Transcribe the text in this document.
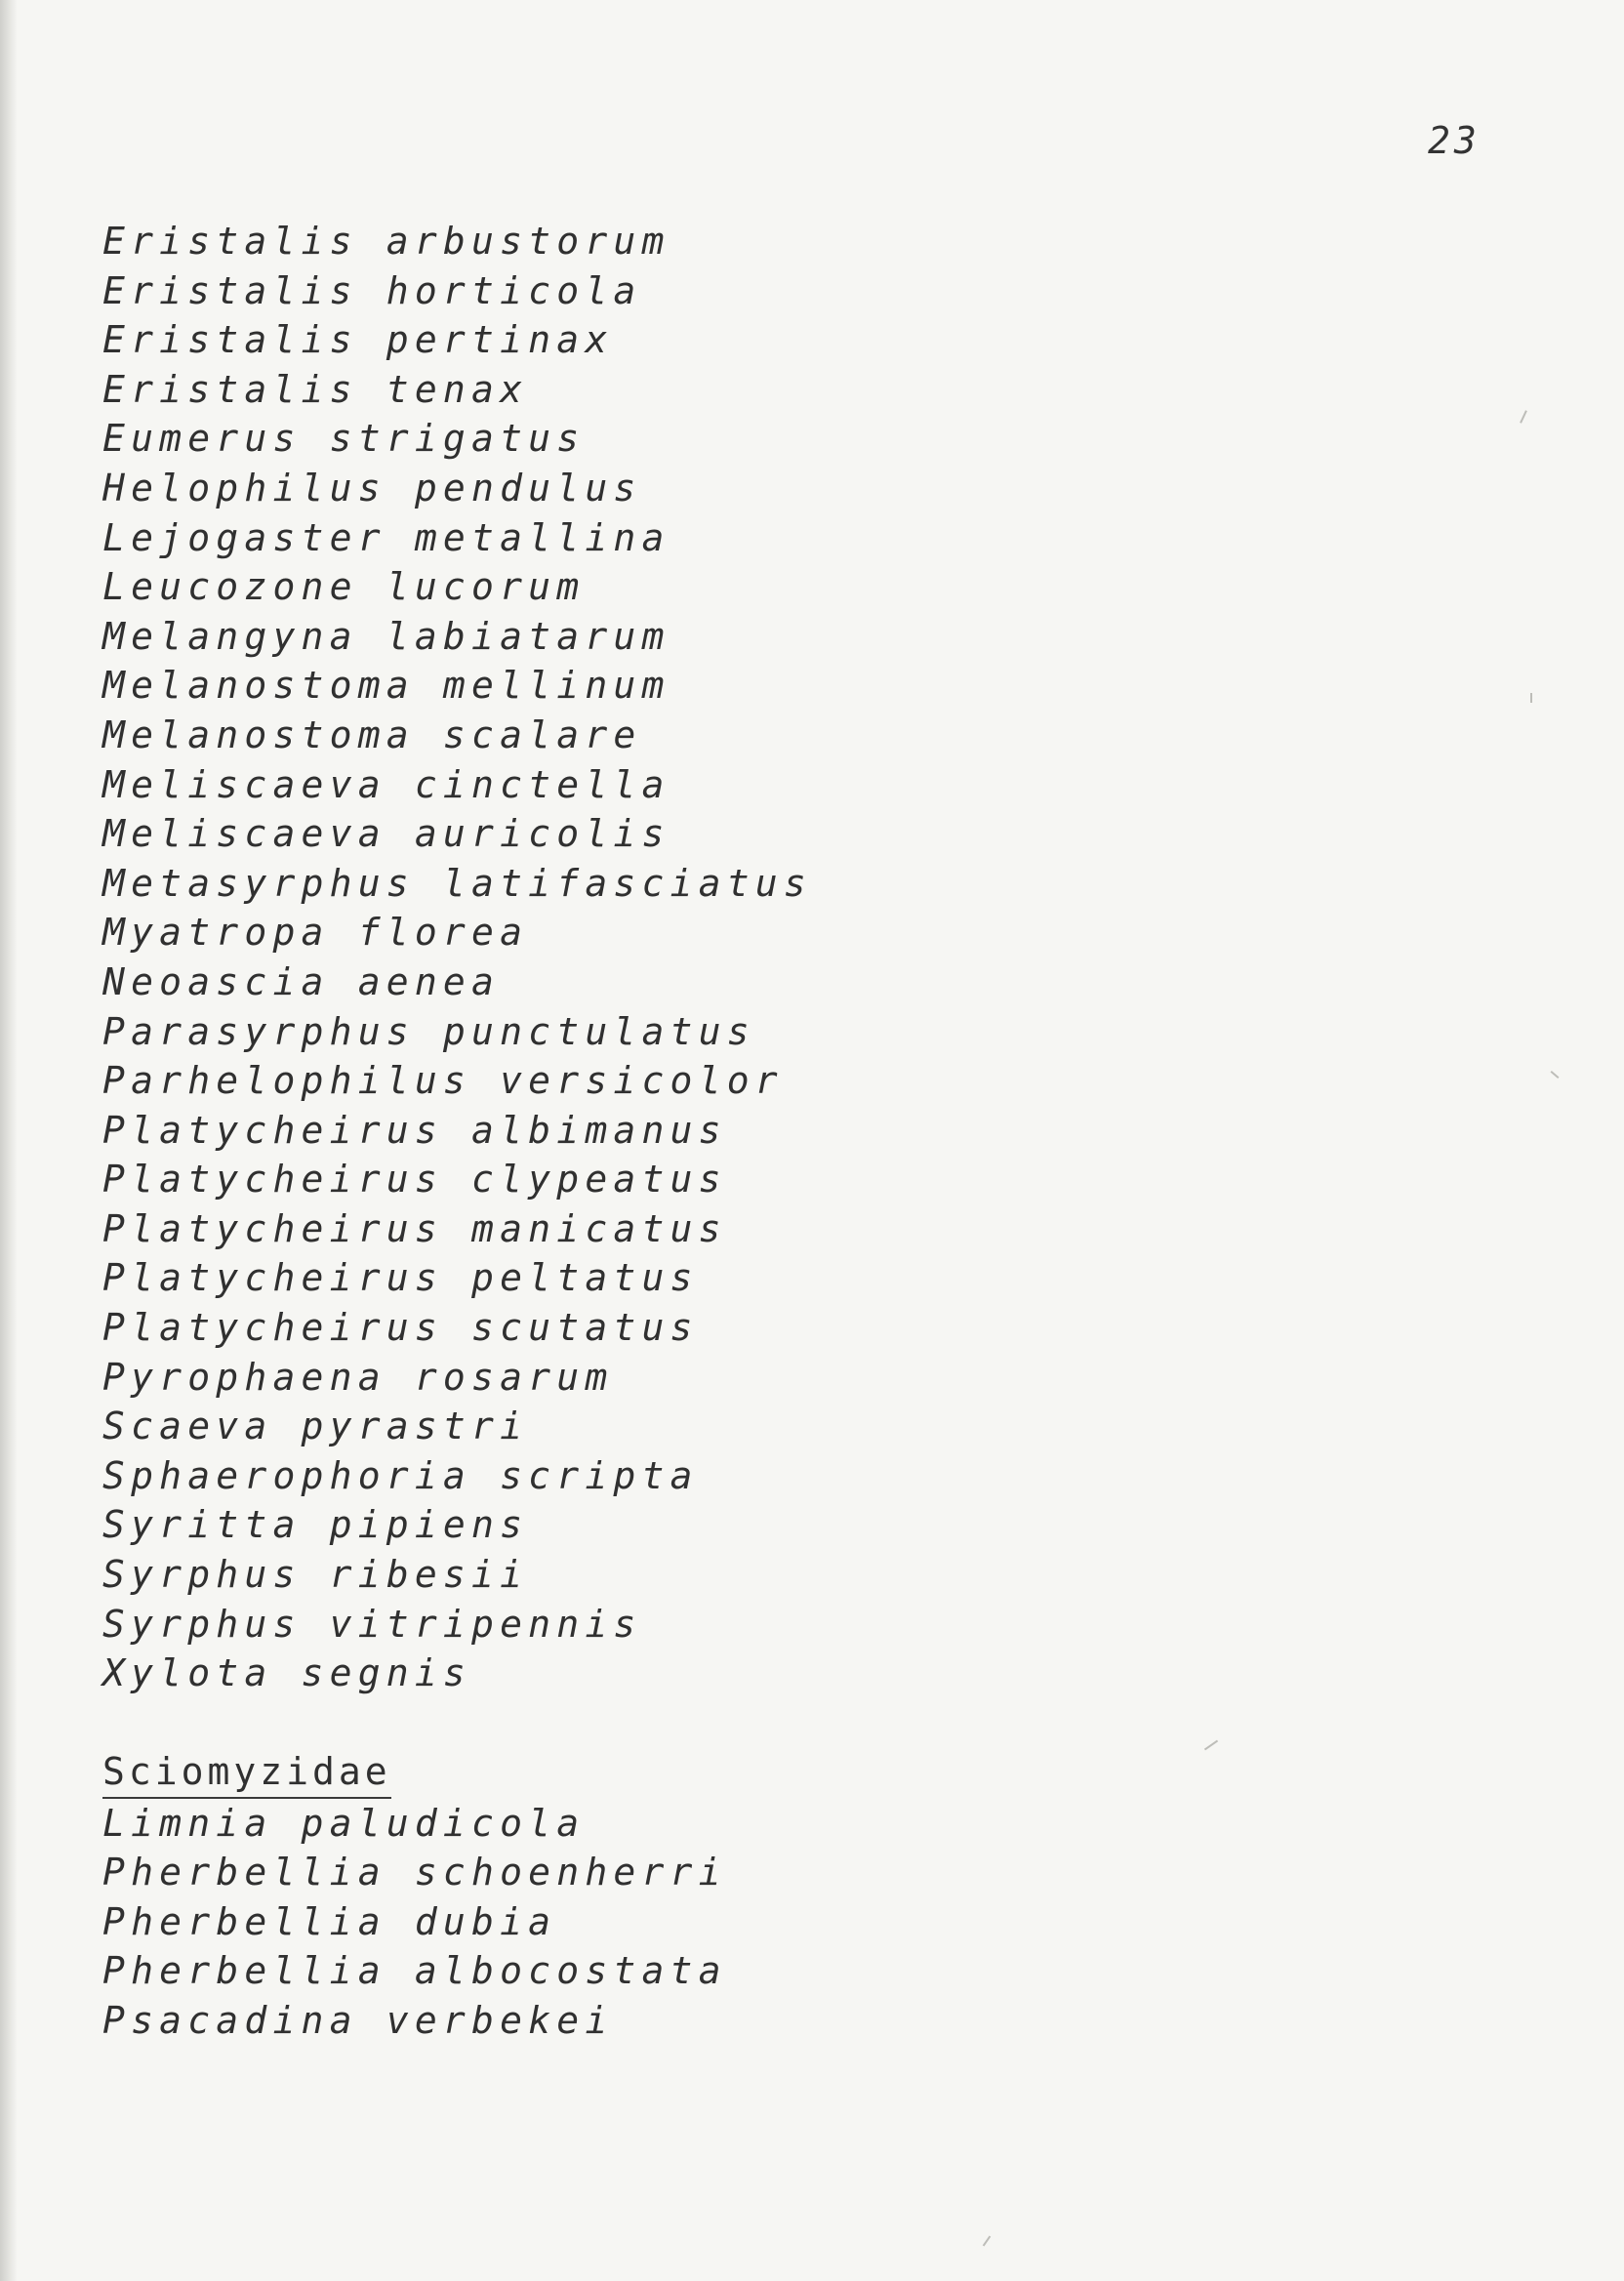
23
Eristalis arbustorum
Eristalis horticola
Eristalis pertinax
Eristalis tenax
Eumerus strigatus
Helophilus pendulus
Lejogaster metallina
Leucozone lucorum
Melangyna labiatarum
Melanostoma mellinum
Melanostoma scalare
Meliscaeva cinctella
Meliscaeva auricolis
Metasyrphus latifasciatus
Myatropa florea
Neoascia aenea
Parasyrphus punctulatus
Parhelophilus versicolor
Platycheirus albimanus
Platycheirus clypeatus
Platycheirus manicatus
Platycheirus peltatus
Platycheirus scutatus
Pyrophaena rosarum
Scaeva pyrastri
Sphaerophoria scripta
Syritta pipiens
Syrphus ribesii
Syrphus vitripennis
Xylota segnis
Sciomyzidae
Limnia paludicola
Pherbellia schoenherri
Pherbellia dubia
Pherbellia albocostata
Psacadina verbekei
